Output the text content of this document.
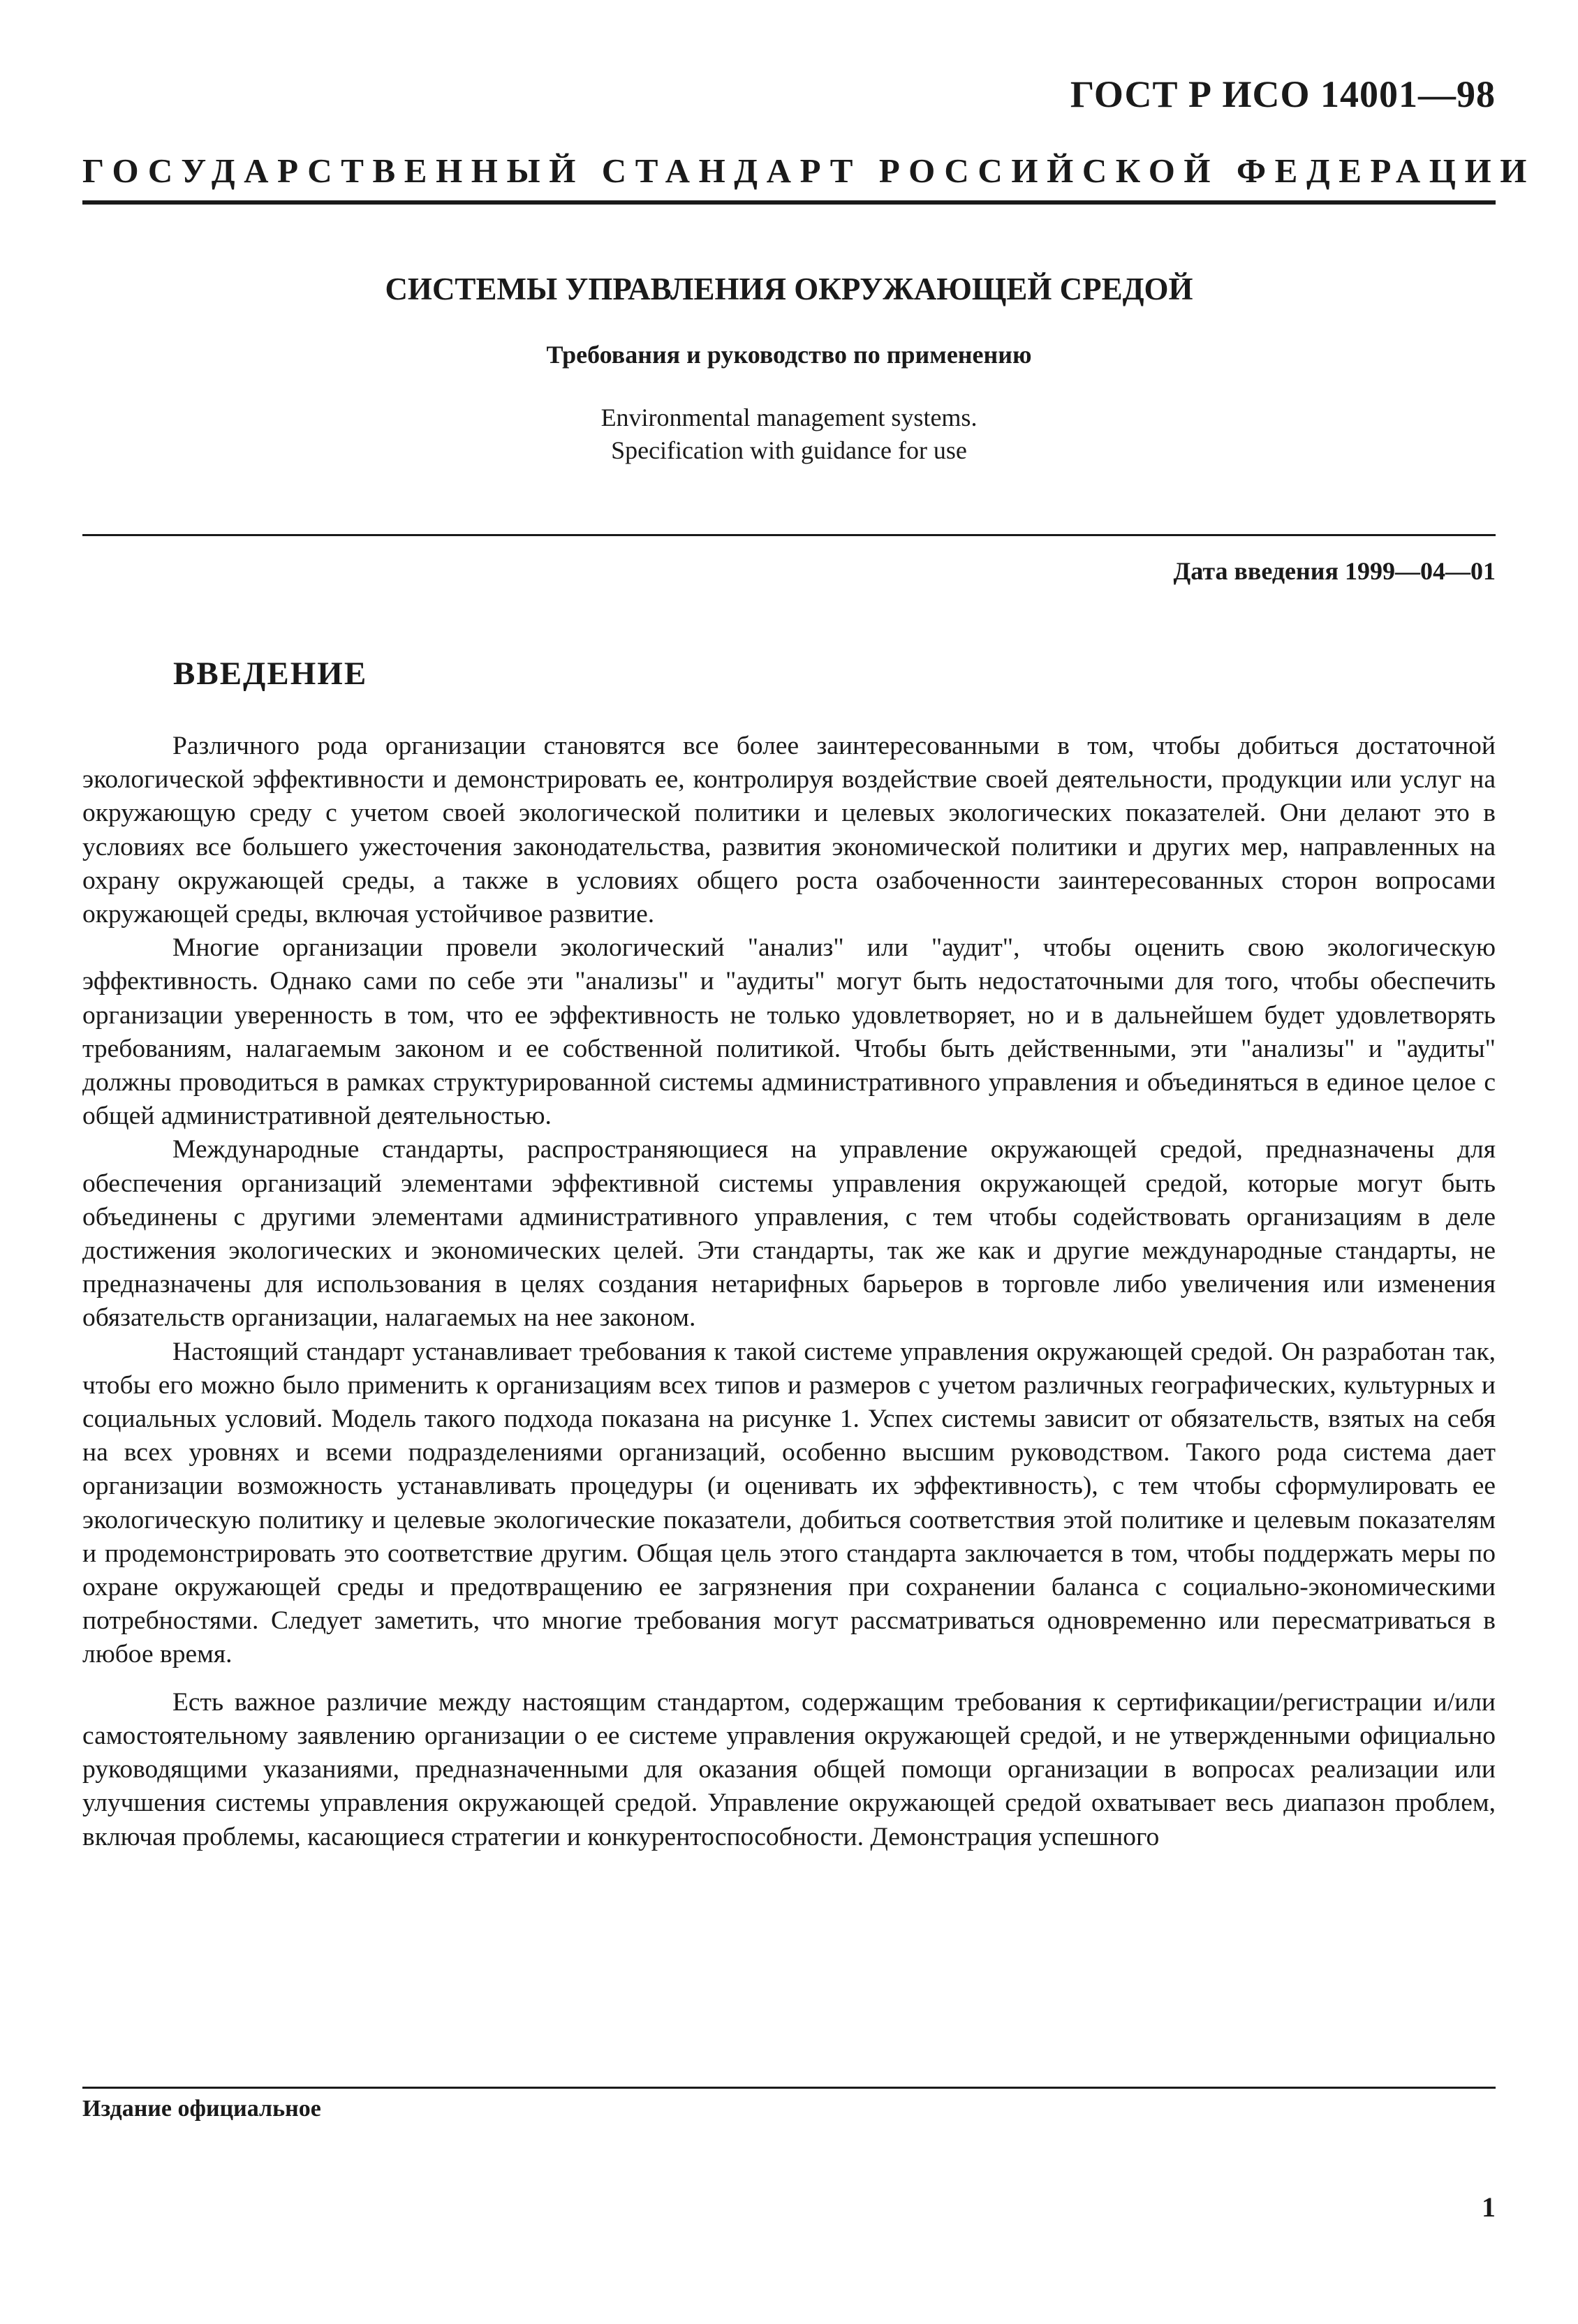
ГОСТ Р ИСО 14001—98
ГОСУДАРСТВЕННЫЙ СТАНДАРТ РОССИЙСКОЙ ФЕДЕРАЦИИ
СИСТЕМЫ УПРАВЛЕНИЯ ОКРУЖАЮЩЕЙ СРЕДОЙ
Требования и руководство по применению
Environmental management systems.
Specification with guidance for use
Дата введения 1999—04—01
ВВЕДЕНИЕ

Различного рода организации становятся все более заинтересованными в том, чтобы добиться достаточной экологической эффективности и демонстрировать ее, контролируя воздействие своей деятельности, продукции или услуг на окружающую среду с учетом своей экологической политики и целевых экологических показателей. Они делают это в условиях все большего ужесточения законодательства, развития экономической политики и других мер, направленных на охрану окружающей среды, а также в условиях общего роста озабоченности заинтересованных сторон вопросами окружающей среды, включая устойчивое развитие.

Многие организации провели экологический "анализ" или "аудит", чтобы оценить свою экологическую эффективность. Однако сами по себе эти "анализы" и "аудиты" могут быть недостаточными для того, чтобы обеспечить организации уверенность в том, что ее эффективность не только удовлетворяет, но и в дальнейшем будет удовлетворять требованиям, налагаемым законом и ее собственной политикой. Чтобы быть действенными, эти "анализы" и "аудиты" должны проводиться в рамках структурированной системы административного управления и объединяться в единое целое с общей административной деятельностью.

Международные стандарты, распространяющиеся на управление окружающей средой, предназначены для обеспечения организаций элементами эффективной системы управления окружающей средой, которые могут быть объединены с другими элементами административного управления, с тем чтобы содействовать организациям в деле достижения экологических и экономических целей. Эти стандарты, так же как и другие международные стандарты, не предназначены для использования в целях создания нетарифных барьеров в торговле либо увеличения или изменения обязательств организации, налагаемых на нее законом.

Настоящий стандарт устанавливает требования к такой системе управления окружающей средой. Он разработан так, чтобы его можно было применить к организациям всех типов и размеров с учетом различных географических, культурных и социальных условий. Модель такого подхода показана на рисунке 1. Успех системы зависит от обязательств, взятых на себя на всех уровнях и всеми подразделениями организаций, особенно высшим руководством. Такого рода система дает организации возможность устанавливать процедуры (и оценивать их эффективность), с тем чтобы сформулировать ее экологическую политику и целевые экологические показатели, добиться соответствия этой политике и целевым показателям и продемонстрировать это соответствие другим. Общая цель этого стандарта заключается в том, чтобы поддержать меры по охране окружающей среды и предотвращению ее загрязнения при сохранении баланса с социально-экономическими потребностями. Следует заметить, что многие требования могут рассматриваться одновременно или пересматриваться в любое время.

Есть важное различие между настоящим стандартом, содержащим требования к сертификации/регистрации и/или самостоятельному заявлению организации о ее системе управления окружающей средой, и не утвержденными официально руководящими указаниями, предназначенными для оказания общей помощи организации в вопросах реализации или улучшения системы управления окружающей средой. Управление окружающей средой охватывает весь диапазон проблем, включая проблемы, касающиеся стратегии и конкурентоспособности. Демонстрация успешного

Издание официальное
1
